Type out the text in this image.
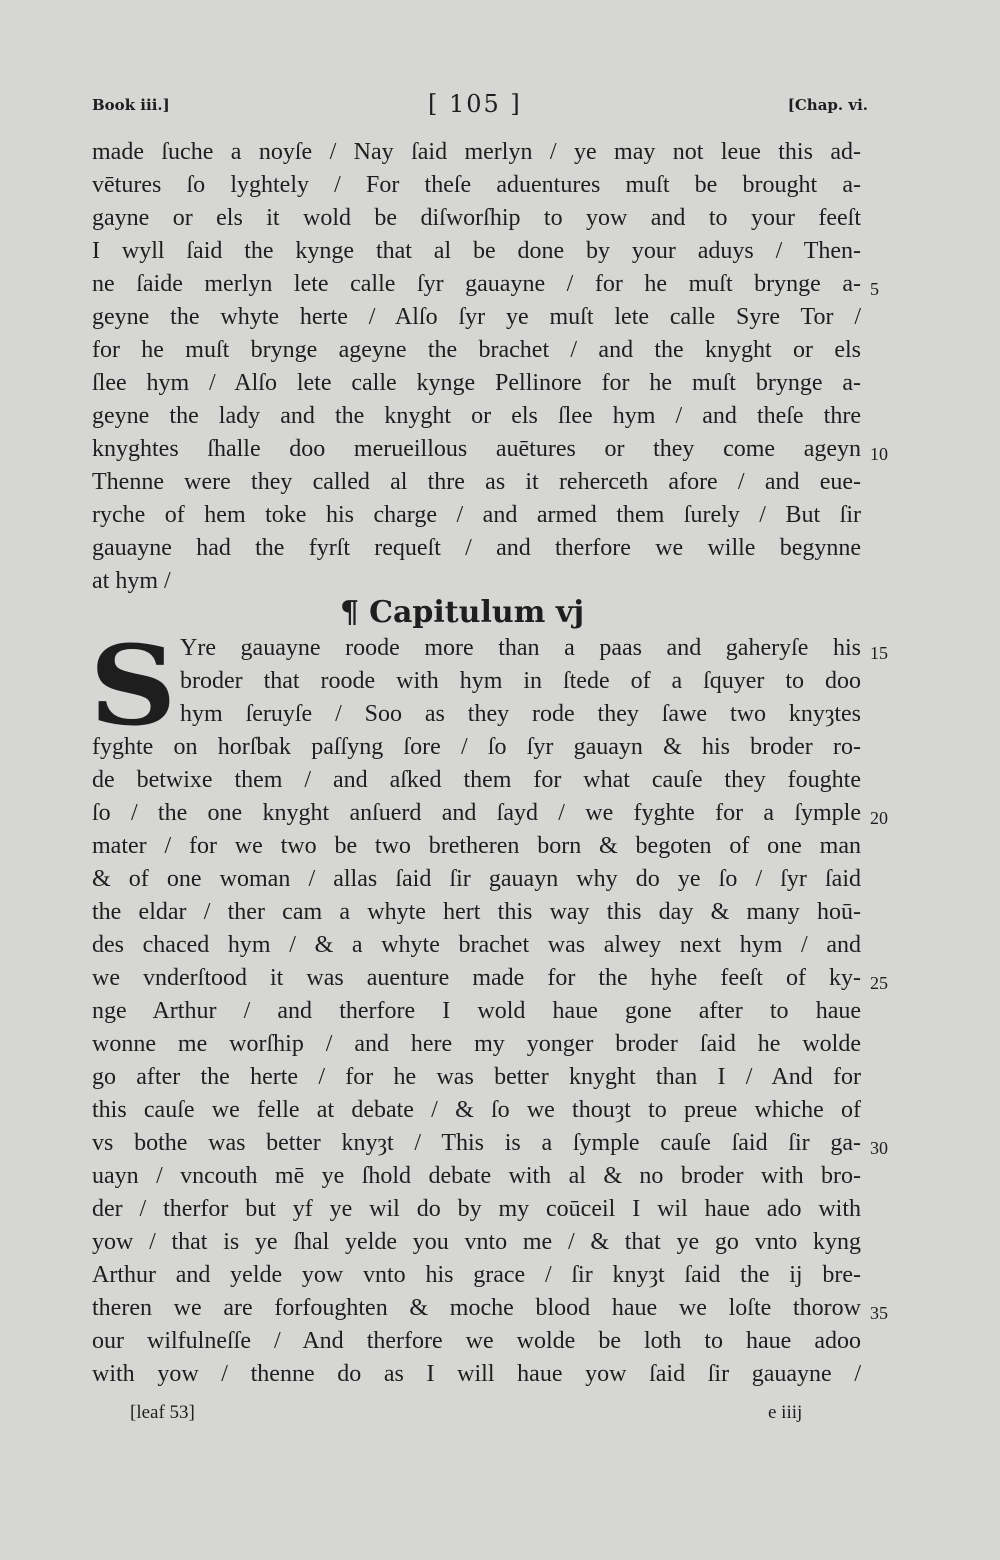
Book iii.]	[ 105 ]	[Chap. vi.
made ſuche a noyſe / Nay ſaid merlyn / ye may not leue this ad-
vētures ſo lyghtely / For theſe aduentures muſt be brought a-
gayne or els it wold be diſworſhip to yow and to your feeſt
I wyll ſaid the kynge that al be done by your aduys / Then-
ne ſaide merlyn lete calle ſyr gauayne / for he muſt brynge a-
geyne the whyte herte / Alſo ſyr ye muſt lete calle Syre Tor /
for he muſt brynge ageyne the brachet / and the knyght or els
ſlee hym / Alſo lete calle kynge Pellinore for he muſt brynge a-
geyne the lady and the knyght or els ſlee hym / and theſe thre
knyghtes ſhalle doo merueillous auētures or they come ageyn
Thenne were they called al thre as it reherceth afore / and eue-
ryche of hem toke his charge / and armed them ſurely / But ſir
gauayne had the fyrſt requeſt / and therfore we wille begynne
at hym /
¶ Capitulum vj
S Yre gauayne roode more than a paas and gaheryſe his
broder that roode with hym in ſtede of a ſquyer to doo
hym ſeruyſe / Soo as they rode they ſawe two knyȝtes
fyghte on horſbak paſſyng ſore / ſo ſyr gauayn & his broder ro-
de betwixe them / and aſked them for what cauſe they foughte
ſo / the one knyght anſuerd and ſayd / we fyghte for a ſymple
mater / for we two be two bretheren born & begoten of one man
& of one woman / allas ſaid ſir gauayn why do ye ſo / ſyr ſaid
the eldar / ther cam a whyte hert this way this day & many hoū-
des chaced hym / & a whyte brachet was alwey next hym / and
we vnderſtood it was auenture made for the hyhe feeſt of ky-
nge Arthur / and therfore I wold haue gone after to haue
wonne me worſhip / and here my yonger broder ſaid he wolde
go after the herte / for he was better knyght than I / And for
this cauſe we felle at debate / & ſo we thouȝt to preue whiche of
vs bothe was better knyȝt / This is a ſymple cauſe ſaid ſir ga-
uayn / vncouth mē ye ſhold debate with al & no broder with bro-
der / therfor but yf ye wil do by my coūceil I wil haue ado with
yow / that is ye ſhal yelde you vnto me / & that ye go vnto kyng
Arthur and yelde yow vnto his grace / ſir knyȝt ſaid the ij bre-
theren we are forfoughten & moche blood haue we loſte thorow
our wilfulneſſe / And therfore we wolde be loth to haue adoo
with yow / thenne do as I will haue yow ſaid ſir gauayne /
5
10
15
20
25
30
35
[leaf 53]	e iiij
